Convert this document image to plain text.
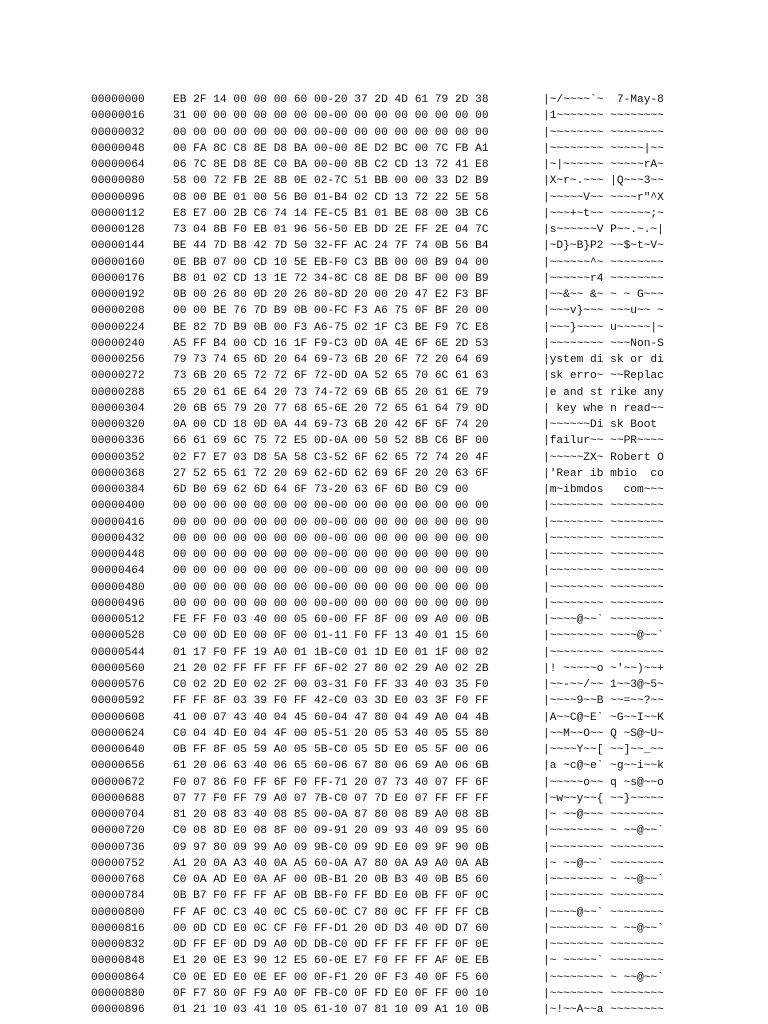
00000000	EB 2F 14 00 00 00 60 00-20 37 2D 4D 61 79 2D 38	|~/~~~~`~  7-May-8
00000016	31 00 00 00 00 00 00 00-00 00 00 00 00 00 00 00	|1~~~~~~~ ~~~~~~~~
00000032	00 00 00 00 00 00 00 00-00 00 00 00 00 00 00 00	|~~~~~~~~ ~~~~~~~~
00000048	00 FA 8C C8 8E D8 BA 00-00 8E D2 BC 00 7C FB A1	|~~~~~~~~ ~~~~~|~~
00000064	06 7C 8E D8 8E C0 BA 00-00 8B C2 CD 13 72 41 E8	|~|~~~~~~ ~~~~~rA~
00000080	58 00 72 FB 2E 8B 0E 02-7C 51 BB 00 00 33 D2 B9	|X~r~.~~~ |Q~~~3~~
00000096	08 00 BE 01 00 56 B0 01-B4 02 CD 13 72 22 5E 58	|~~~~~V~~ ~~~~r"^X
00000112	E8 E7 00 2B C6 74 14 FE-C5 B1 01 BE 08 00 3B C6	|~~~+~t~~ ~~~~~~;~
00000128	73 04 8B F0 EB 01 96 56-50 EB DD 2E FF 2E 04 7C	|s~~~~~~V P~~.~.~|
00000144	BE 44 7D B8 42 7D 50 32-FF AC 24 7F 74 0B 56 B4	|~D}~B}P2 ~~$~t~V~
00000160	0E BB 07 00 CD 10 5E EB-F0 C3 BB 00 00 B9 04 00	|~~~~~~^~ ~~~~~~~~
00000176	B8 01 02 CD 13 1E 72 34-8C C8 8E D8 BF 00 00 B9	|~~~~~~r4 ~~~~~~~~
00000192	0B 00 26 80 0D 20 26 80-8D 20 00 20 47 E2 F3 BF	|~~&~~ &~ ~ ~ G~~~
00000208	00 00 BE 76 7D B9 0B 00-FC F3 A6 75 0F BF 20 00	|~~~v}~~~ ~~~u~~ ~
00000224	BE 82 7D B9 0B 00 F3 A6-75 02 1F C3 BE F9 7C E8	|~~~}~~~~ u~~~~~|~
00000240	A5 FF B4 00 CD 16 1F F9-C3 0D 0A 4E 6F 6E 2D 53	|~~~~~~~~ ~~~Non-S
00000256	79 73 74 65 6D 20 64 69-73 6B 20 6F 72 20 64 69	|ystem di sk or di
00000272	73 6B 20 65 72 72 6F 72-0D 0A 52 65 70 6C 61 63	|sk erro~ ~~Replac
00000288	65 20 61 6E 64 20 73 74-72 69 6B 65 20 61 6E 79	|e and st rike any
00000304	20 6B 65 79 20 77 68 65-6E 20 72 65 61 64 79 0D	| key whe n read~~
00000320	0A 00 CD 18 0D 0A 44 69-73 6B 20 42 6F 6F 74 20	|~~~~~~Di sk Boot
00000336	66 61 69 6C 75 72 E5 0D-0A 00 50 52 8B C6 BF 00	|failur~~ ~~PR~~~~
00000352	02 F7 E7 03 D8 5A 58 C3-52 6F 62 65 72 74 20 4F	|~~~~~ZX~ Robert O
00000368	27 52 65 61 72 20 69 62-6D 62 69 6F 20 20 63 6F	|'Rear ib mbio  co
00000384	6D B0 69 62 6D 64 6F 73-20 63 6F 6D B0 C9 00	|m~ibmdos   com~~~
00000400	00 00 00 00 00 00 00 00-00 00 00 00 00 00 00 00	|~~~~~~~~ ~~~~~~~~
00000416	00 00 00 00 00 00 00 00-00 00 00 00 00 00 00 00	|~~~~~~~~ ~~~~~~~~
00000432	00 00 00 00 00 00 00 00-00 00 00 00 00 00 00 00	|~~~~~~~~ ~~~~~~~~
00000448	00 00 00 00 00 00 00 00-00 00 00 00 00 00 00 00	|~~~~~~~~ ~~~~~~~~
00000464	00 00 00 00 00 00 00 00-00 00 00 00 00 00 00 00	|~~~~~~~~ ~~~~~~~~
00000480	00 00 00 00 00 00 00 00-00 00 00 00 00 00 00 00	|~~~~~~~~ ~~~~~~~~
00000496	00 00 00 00 00 00 00 00-00 00 00 00 00 00 00 00	|~~~~~~~~ ~~~~~~~~
00000512	FE FF F0 03 40 00 05 60-00 FF 8F 00 09 A0 00 0B	|~~~~@~~` ~~~~~~~~
00000528	C0 00 0D E0 00 0F 00 01-11 F0 FF 13 40 01 15 60	|~~~~~~~~ ~~~~@~~`
00000544	01 17 F0 FF 19 A0 01 1B-C0 01 1D E0 01 1F 00 02	|~~~~~~~~ ~~~~~~~~
00000560	21 20 02 FF FF FF FF 6F-02 27 80 02 29 A0 02 2B	|! ~~~~~o ~'~~)~~+
00000576	C0 02 2D E0 02 2F 00 03-31 F0 FF 33 40 03 35 F0	|~~-~~/~~ 1~~3@~5~
00000592	FF FF 8F 03 39 F0 FF 42-C0 03 3D E0 03 3F F0 FF	|~~~~9~~B ~~=~~?~~
00000608	41 00 07 43 40 04 45 60-04 47 80 04 49 A0 04 4B	|A~~C@~E` ~G~~I~~K
00000624	C0 04 4D E0 04 4F 00 05-51 20 05 53 40 05 55 80	|~~M~~O~~ Q ~S@~U~
00000640	0B FF 8F 05 59 A0 05 5B-C0 05 5D E0 05 5F 00 06	|~~~~Y~~[ ~~]~~_~~
00000656	61 20 06 63 40 06 65 60-06 67 80 06 69 A0 06 6B	|a ~c@~e` ~g~~i~~k
00000672	F0 07 86 F0 FF 6F F0 FF-71 20 07 73 40 07 FF 6F	|~~~~~o~~ q ~s@~~o
00000688	07 77 F0 FF 79 A0 07 7B-C0 07 7D E0 07 FF FF FF	|~w~~y~~{ ~~}~~~~~
00000704	81 20 08 83 40 08 85 00-0A 87 80 08 89 A0 08 8B	|~ ~~@~~~ ~~~~~~~~
00000720	C0 08 8D E0 08 8F 00 09-91 20 09 93 40 09 95 60	|~~~~~~~~ ~ ~~@~~`
00000736	09 97 80 09 99 A0 09 9B-C0 09 9D E0 09 9F 90 0B	|~~~~~~~~ ~~~~~~~~
00000752	A1 20 0A A3 40 0A A5 60-0A A7 80 0A A9 A0 0A AB	|~ ~~@~~` ~~~~~~~~
00000768	C0 0A AD E0 0A AF 00 0B-B1 20 0B B3 40 0B B5 60	|~~~~~~~~ ~ ~~@~~`
00000784	0B B7 F0 FF FF AF 0B BB-F0 FF BD E0 0B FF 0F 0C	|~~~~~~~~ ~~~~~~~~
00000800	FF AF 0C C3 40 0C C5 60-0C C7 80 0C FF FF FF CB	|~~~~@~~` ~~~~~~~~
00000816	00 0D CD E0 0C CF F0 FF-D1 20 0D D3 40 0D D7 60	|~~~~~~~~ ~ ~~@~~`
00000832	0D FF EF 0D D9 A0 0D DB-C0 0D FF FF FF FF 0F 0E	|~~~~~~~~ ~~~~~~~~
00000848	E1 20 0E E3 90 12 E5 60-0E E7 F0 FF FF AF 0E EB	|~ ~~~~~` ~~~~~~~~
00000864	C0 0E ED E0 0E EF 00 0F-F1 20 0F F3 40 0F F5 60	|~~~~~~~~ ~ ~~@~~`
00000880	0F F7 80 0F F9 A0 0F FB-C0 0F FD E0 0F FF 00 10	|~~~~~~~~ ~~~~~~~~
00000896	01 21 10 03 41 10 05 61-10 07 81 10 09 A1 10 0B	|~!~~A~~a ~~~~~~~~
